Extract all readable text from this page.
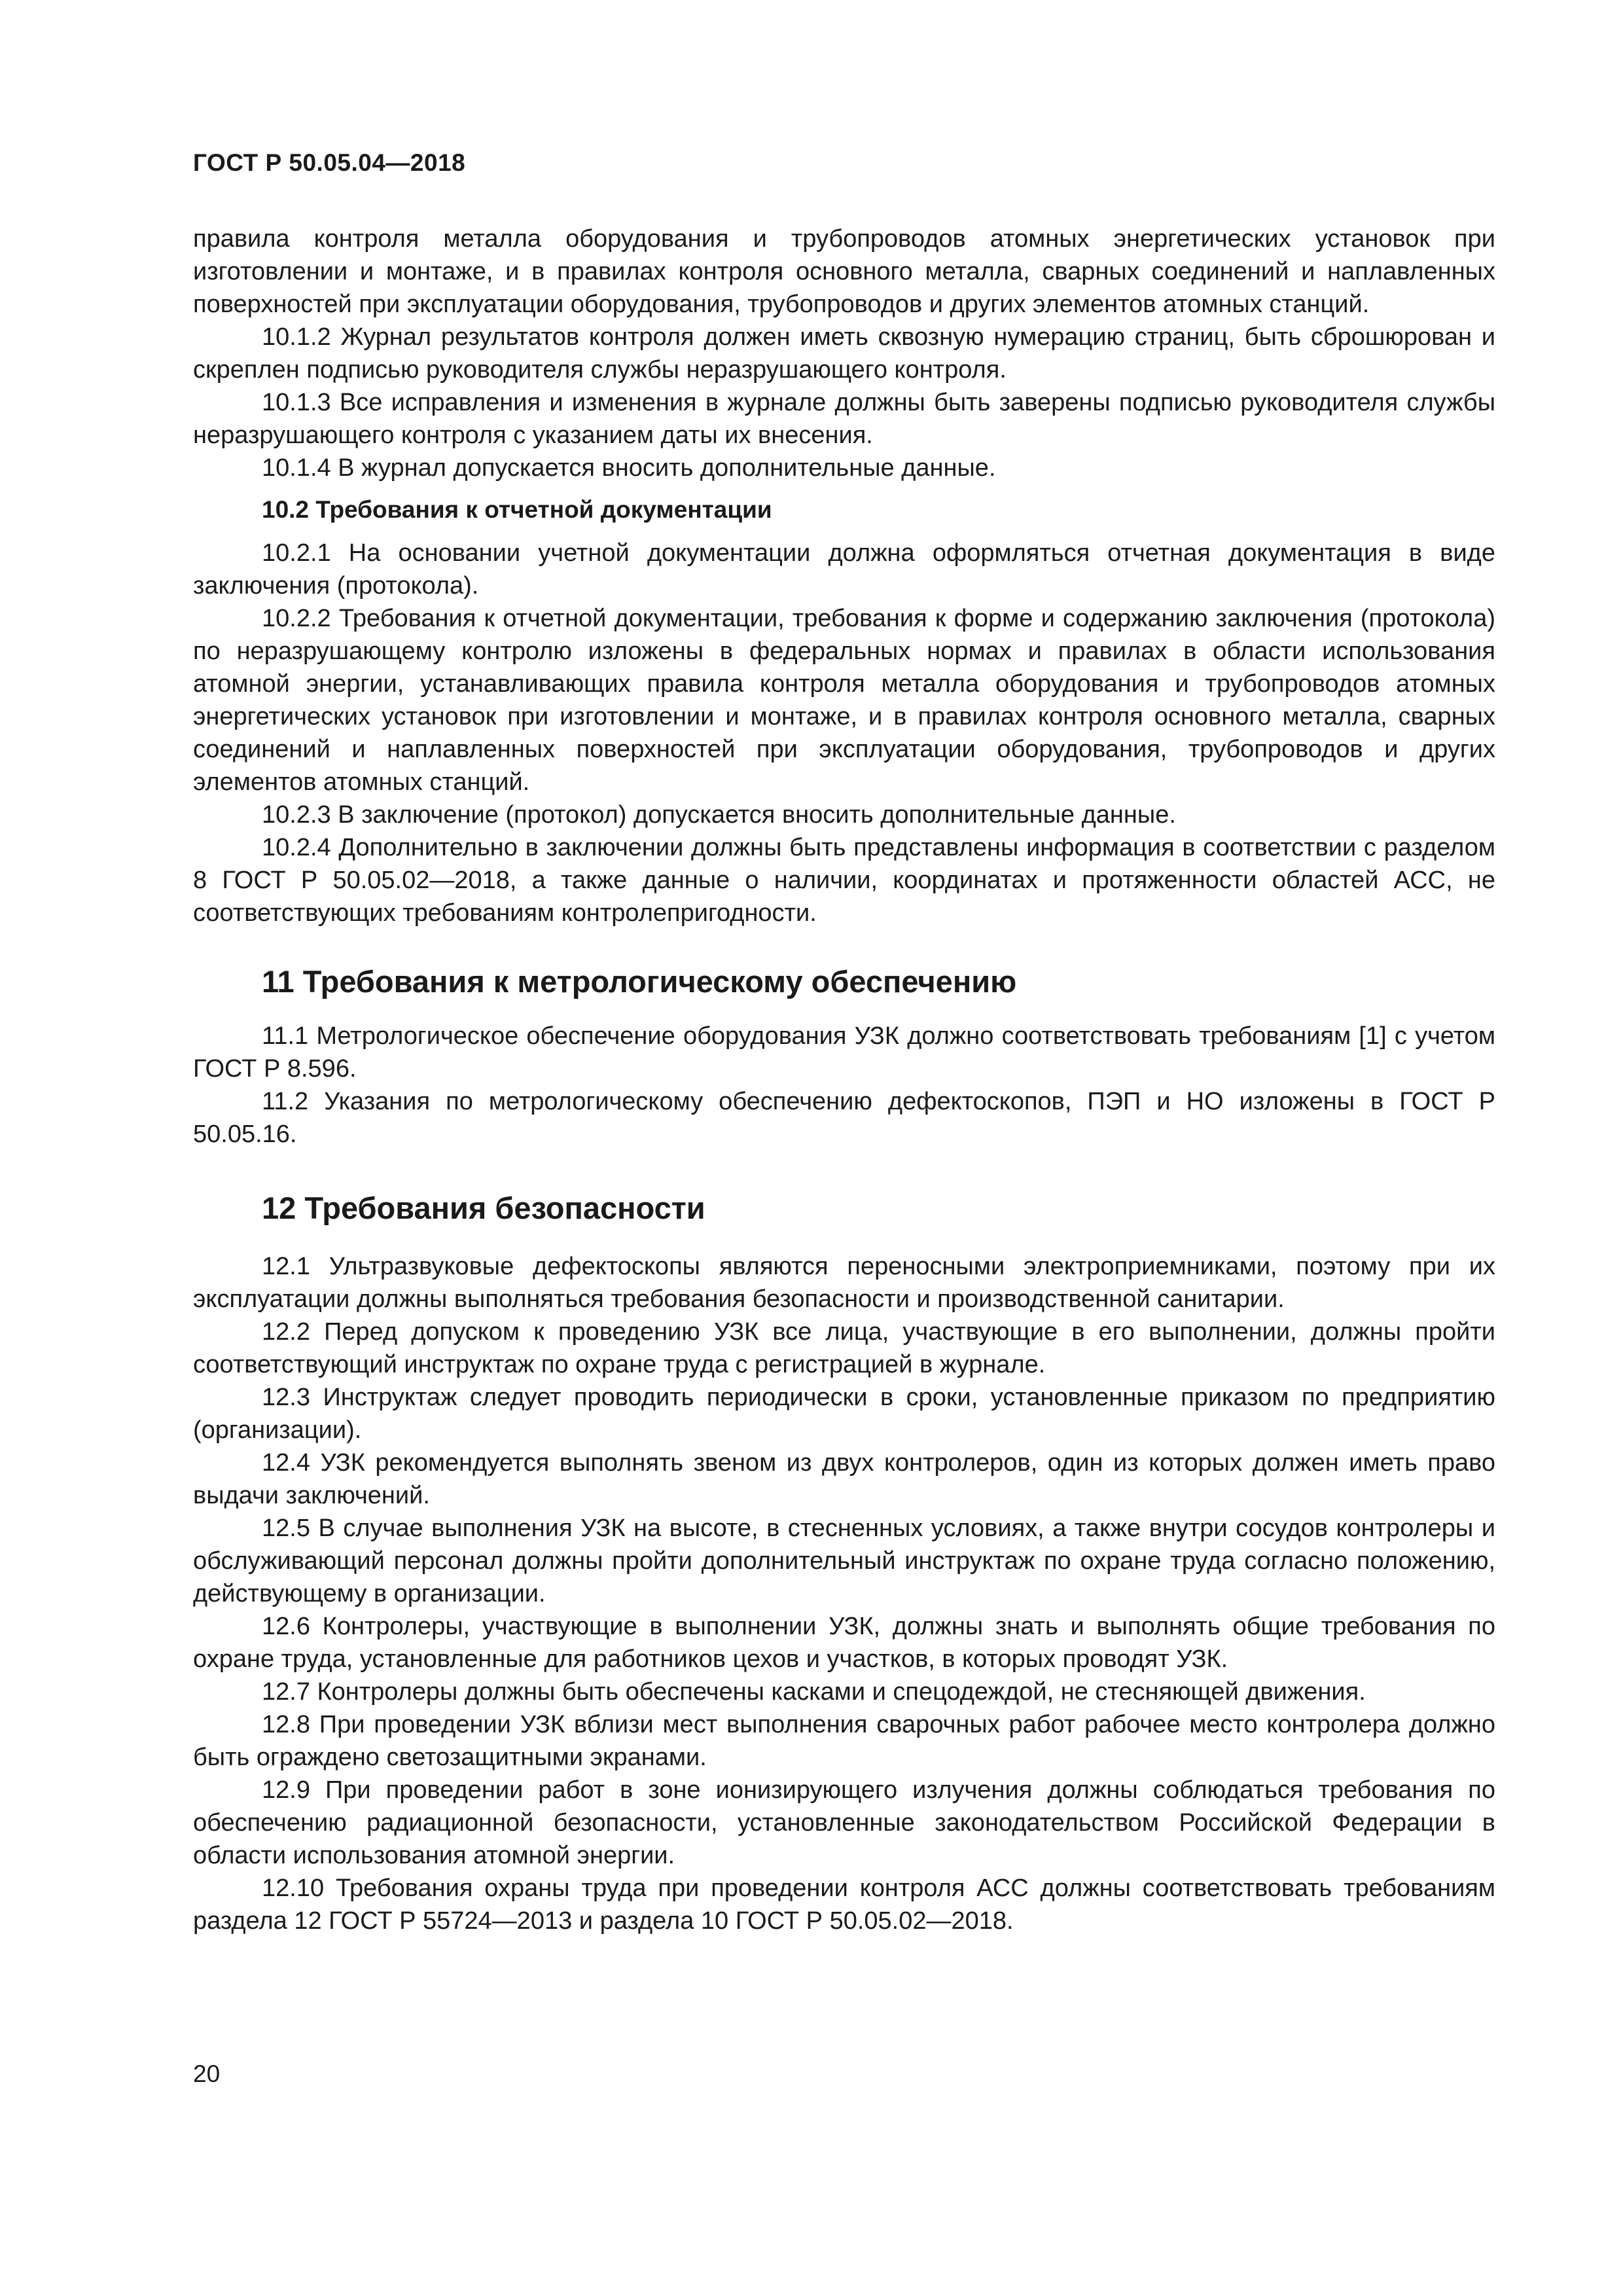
ГОСТ Р 50.05.04—2018

правила контроля металла оборудования и трубопроводов атомных энергетических установок при изготовлении и монтаже, и в правилах контроля основного металла, сварных соединений и наплавленных поверхностей при эксплуатации оборудования, трубопроводов и других элементов атомных станций.

10.1.2 Журнал результатов контроля должен иметь сквозную нумерацию страниц, быть сброшюрован и скреплен подписью руководителя службы неразрушающего контроля.

10.1.3 Все исправления и изменения в журнале должны быть заверены подписью руководителя службы неразрушающего контроля с указанием даты их внесения.

10.1.4 В журнал допускается вносить дополнительные данные.

10.2 Требования к отчетной документации

10.2.1 На основании учетной документации должна оформляться отчетная документация в виде заключения (протокола).

10.2.2 Требования к отчетной документации, требования к форме и содержанию заключения (протокола) по неразрушающему контролю изложены в федеральных нормах и правилах в области использования атомной энергии, устанавливающих правила контроля металла оборудования и трубопроводов атомных энергетических установок при изготовлении и монтаже, и в правилах контроля основного металла, сварных соединений и наплавленных поверхностей при эксплуатации оборудования, трубопроводов и других элементов атомных станций.

10.2.3 В заключение (протокол) допускается вносить дополнительные данные.

10.2.4 Дополнительно в заключении должны быть представлены информация в соответствии с разделом 8 ГОСТ Р 50.05.02—2018, а также данные о наличии, координатах и протяженности областей АСС, не соответствующих требованиям контролепригодности.

11 Требования к метрологическому обеспечению

11.1 Метрологическое обеспечение оборудования УЗК должно соответствовать требованиям [1] с учетом ГОСТ Р 8.596.

11.2 Указания по метрологическому обеспечению дефектоскопов, ПЭП и НО изложены в ГОСТ Р 50.05.16.

12 Требования безопасности

12.1 Ультразвуковые дефектоскопы являются переносными электроприемниками, поэтому при их эксплуатации должны выполняться требования безопасности и производственной санитарии.

12.2 Перед допуском к проведению УЗК все лица, участвующие в его выполнении, должны пройти соответствующий инструктаж по охране труда с регистрацией в журнале.

12.3 Инструктаж следует проводить периодически в сроки, установленные приказом по предприятию (организации).

12.4 УЗК рекомендуется выполнять звеном из двух контролеров, один из которых должен иметь право выдачи заключений.

12.5 В случае выполнения УЗК на высоте, в стесненных условиях, а также внутри сосудов контролеры и обслуживающий персонал должны пройти дополнительный инструктаж по охране труда согласно положению, действующему в организации.

12.6 Контролеры, участвующие в выполнении УЗК, должны знать и выполнять общие требования по охране труда, установленные для работников цехов и участков, в которых проводят УЗК.

12.7 Контролеры должны быть обеспечены касками и спецодеждой, не стесняющей движения.

12.8 При проведении УЗК вблизи мест выполнения сварочных работ рабочее место контролера должно быть ограждено светозащитными экранами.

12.9 При проведении работ в зоне ионизирующего излучения должны соблюдаться требования по обеспечению радиационной безопасности, установленные законодательством Российской Федерации в области использования атомной энергии.

12.10 Требования охраны труда при проведении контроля АСС должны соответствовать требованиям раздела 12 ГОСТ Р 55724—2013 и раздела 10 ГОСТ Р 50.05.02—2018.

20
